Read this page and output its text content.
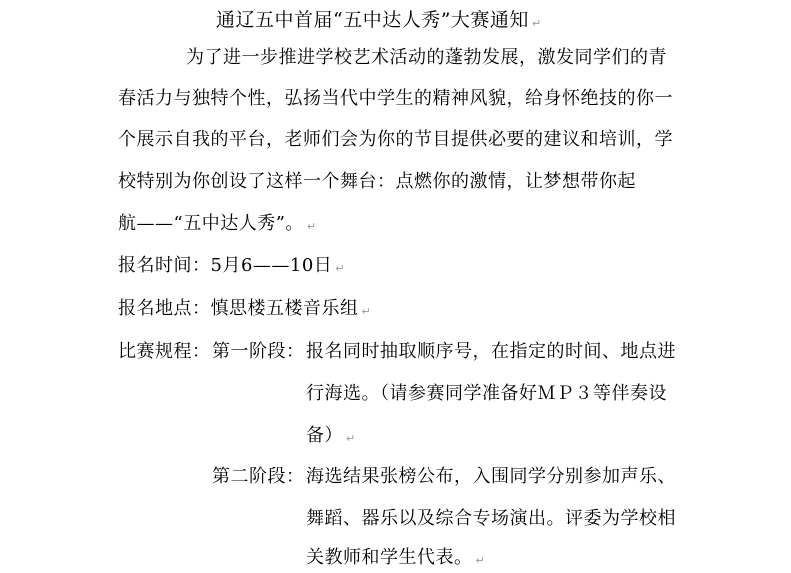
通辽五中首届“五中达人秀”大赛通知 ↵
为了进一步推进学校艺术活动的蓬勃发展，激发同学们的青
春活力与独特个性，弘扬当代中学生的精神风貌，给身怀绝技的你一
个展示自我的平台，老师们会为你的节目提供必要的建议和培训，学
校特别为你创设了这样一个舞台：点燃你的激情，让梦想带你起
航——“五中达人秀”。 ↵
报名时间：5月6——10日 ↵
报名地点：慎思楼五楼音乐组 ↵
比赛规程： 第一阶段： 报名同时抽取顺序号，在指定的时间、地点进
行海选。（请参赛同学准备好ＭＰ３等伴奏设
备） ↵
第二阶段： 海选结果张榜公布，入围同学分别参加声乐、
舞蹈、器乐以及综合专场演出。评委为学校相
关教师和学生代表。 ↵
